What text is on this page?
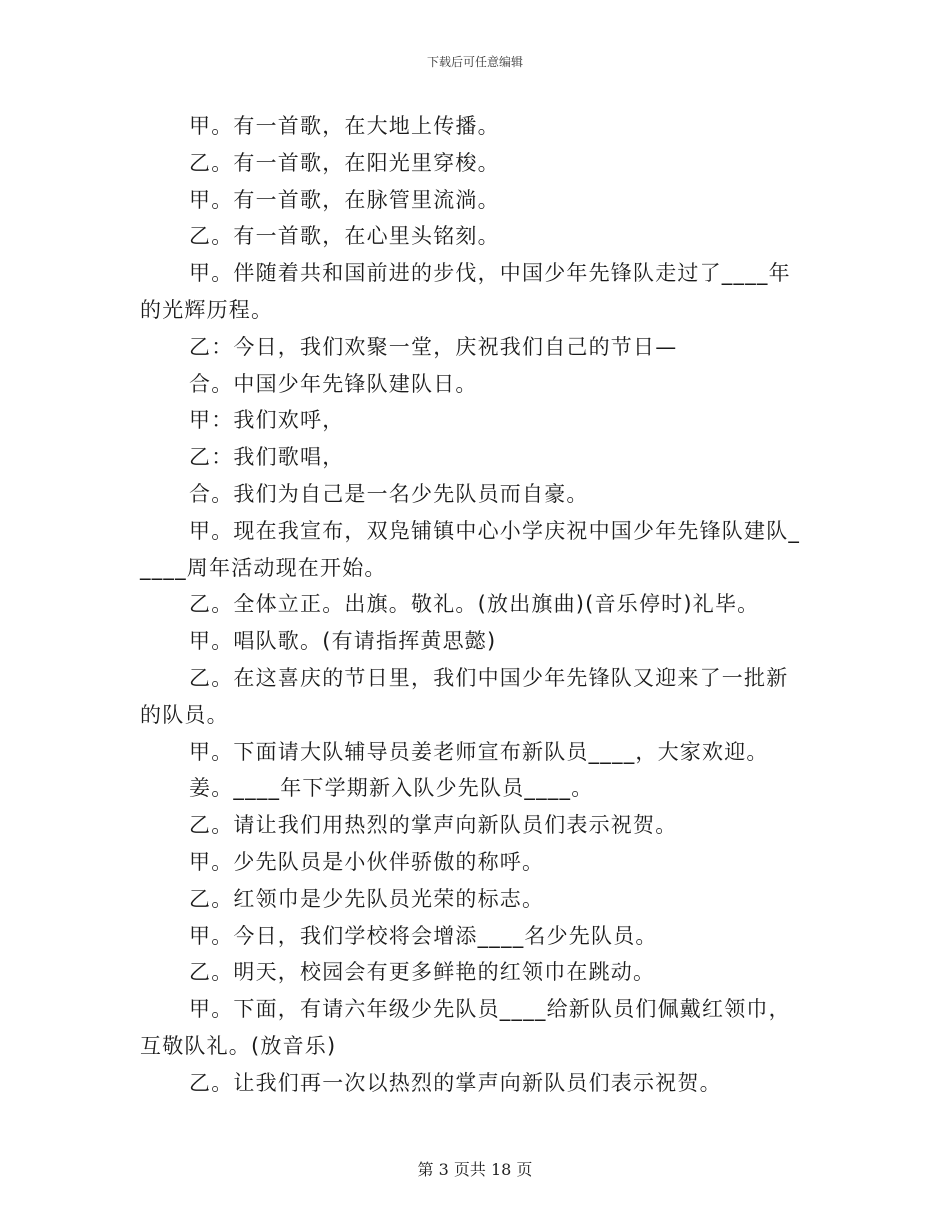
下载后可任意编辑

甲。有一首歌，在大地上传播。

乙。有一首歌，在阳光里穿梭。

甲。有一首歌，在脉管里流淌。

乙。有一首歌，在心里头铭刻。

甲。伴随着共和国前进的步伐，中国少年先锋队走过了____年的光辉历程。

乙：今日，我们欢聚一堂，庆祝我们自己的节日—

合。中国少年先锋队建队日。

甲：我们欢呼，

乙：我们歌唱，

合。我们为自己是一名少先队员而自豪。

甲。现在我宣布，双凫铺镇中心小学庆祝中国少年先锋队建队_____周年活动现在开始。

乙。全体立正。出旗。敬礼。(放出旗曲)(音乐停时)礼毕。

甲。唱队歌。(有请指挥黄思懿)

乙。在这喜庆的节日里，我们中国少年先锋队又迎来了一批新的队员。

甲。下面请大队辅导员姜老师宣布新队员____，大家欢迎。

姜。____年下学期新入队少先队员____。

乙。请让我们用热烈的掌声向新队员们表示祝贺。

甲。少先队员是小伙伴骄傲的称呼。

乙。红领巾是少先队员光荣的标志。

甲。今日，我们学校将会增添____名少先队员。

乙。明天，校园会有更多鲜艳的红领巾在跳动。

甲。下面，有请六年级少先队员____给新队员们佩戴红领巾，互敬队礼。(放音乐)

乙。让我们再一次以热烈的掌声向新队员们表示祝贺。

第 3 页共 18 页
